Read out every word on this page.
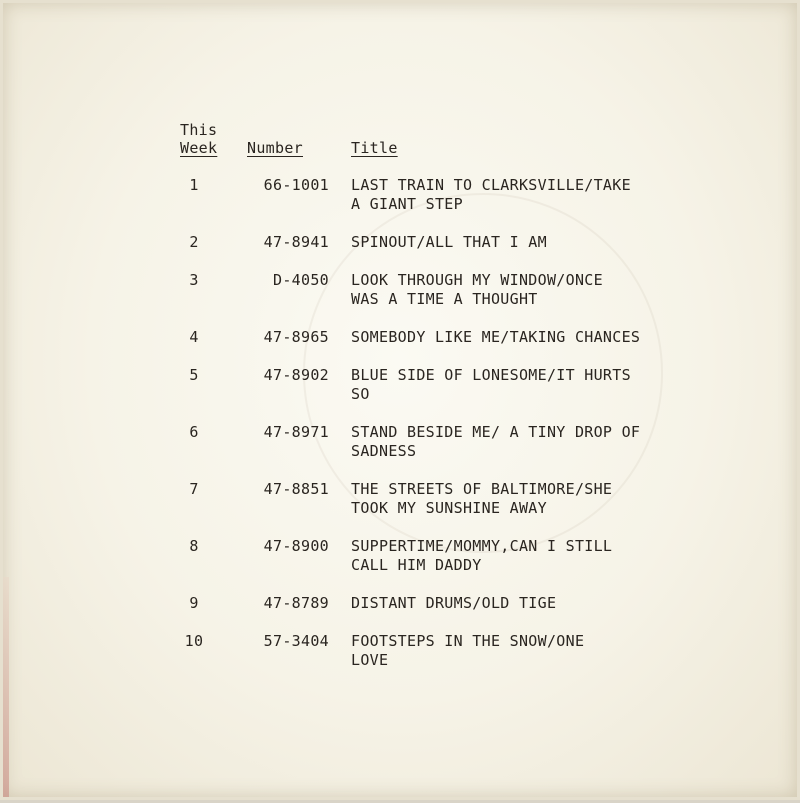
This
Week Number	Title
1	66-1001 LAST TRAIN TO CLARKSVILLE/TAKE
A GIANT STEP
2	47-8941 SPINOUT/ALL THAT I AM
3	D-4050 LOOK THROUGH MY WINDOW/ONCE
WAS A TIME A THOUGHT
4	47-8965 SOMEBODY LIKE ME/TAKING CHANCES
5	47-8902 BLUE SIDE OF LONESOME/IT HURTS
SO
6	47-8971 STAND BESIDE ME/ A TINY DROP OF
SADNESS
7	47-8851 THE STREETS OF BALTIMORE/SHE
TOOK MY SUNSHINE AWAY
8	47-8900 SUPPERTIME/MOMMY,CAN I STILL
CALL HIM DADDY
9	47-8789 DISTANT DRUMS/OLD TIGE
10	57-3404 FOOTSTEPS IN THE SNOW/ONE
LOVE
